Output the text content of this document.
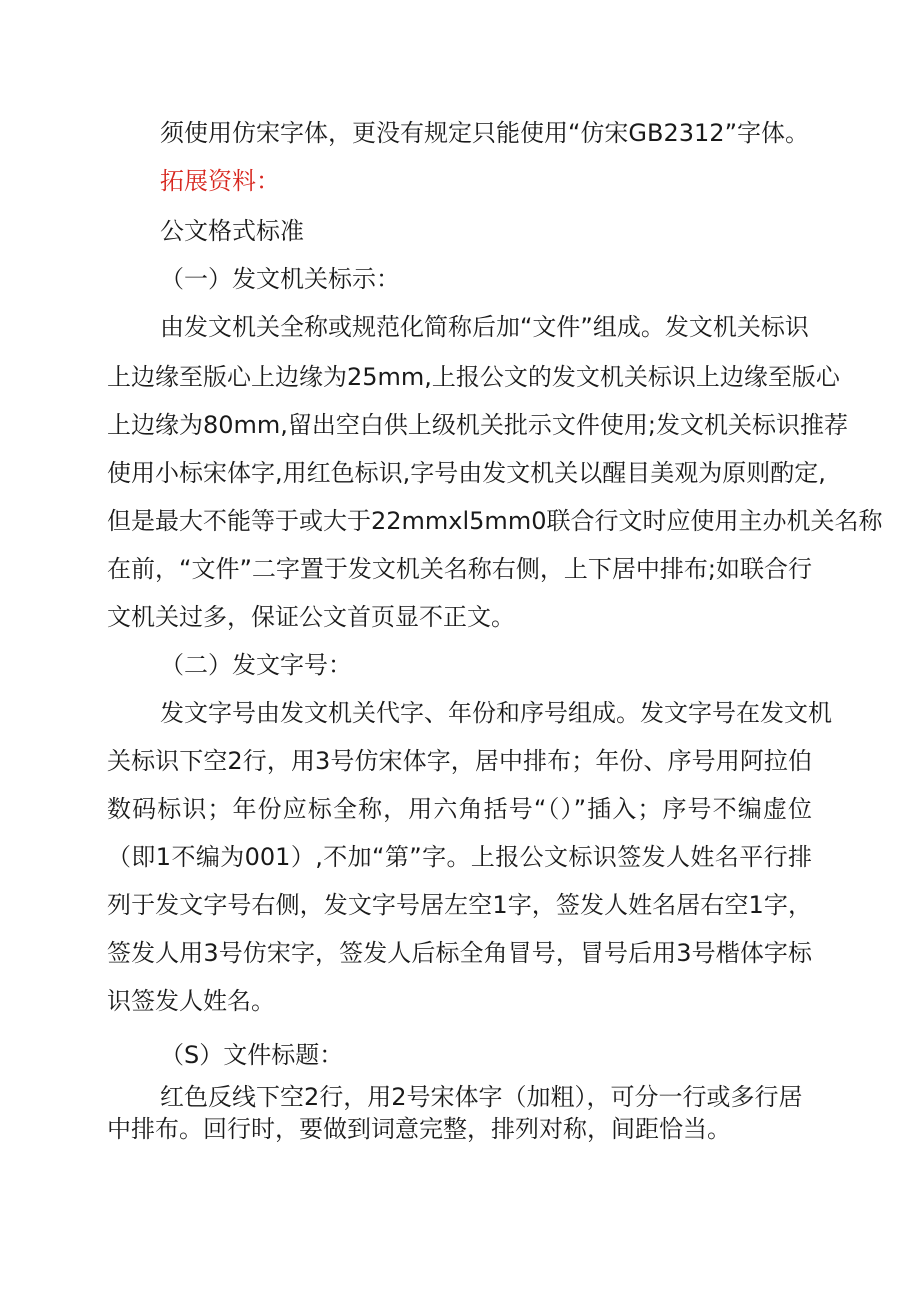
须使用仿宋字体，更没有规定只能使用“仿宋GB2312”字体。
拓展资料：
公文格式标准
（一）发文机关标示：
由发文机关全称或规范化简称后加“文件”组成。发文机关标识
上边缘至版心上边缘为25mm,上报公文的发文机关标识上边缘至版心
上边缘为80mm,留出空白供上级机关批示文件使用;发文机关标识推荐
使用小标宋体字,用红色标识,字号由发文机关以醒目美观为原则酌定,
但是最大不能等于或大于22mmxl5mm0联合行文时应使用主办机关名称
在前，“文件”二字置于发文机关名称右侧，上下居中排布;如联合行
文机关过多，保证公文首页显不正文。
（二）发文字号：
发文字号由发文机关代字、年份和序号组成。发文字号在发文机
关标识下空2行，用3号仿宋体字，居中排布；年份、序号用阿拉伯
数码标识；年份应标全称，用六角括号“（）”插入；序号不编虚位
（即1不编为001）,不加“第”字。上报公文标识签发人姓名平行排
列于发文字号右侧，发文字号居左空1字，签发人姓名居右空1字，
签发人用3号仿宋字，签发人后标全角冒号，冒号后用3号楷体字标
识签发人姓名。
（S）文件标题：
红色反线下空2行，用2号宋体字（加粗），可分一行或多行居
中排布。回行时，要做到词意完整，排列对称，间距恰当。
